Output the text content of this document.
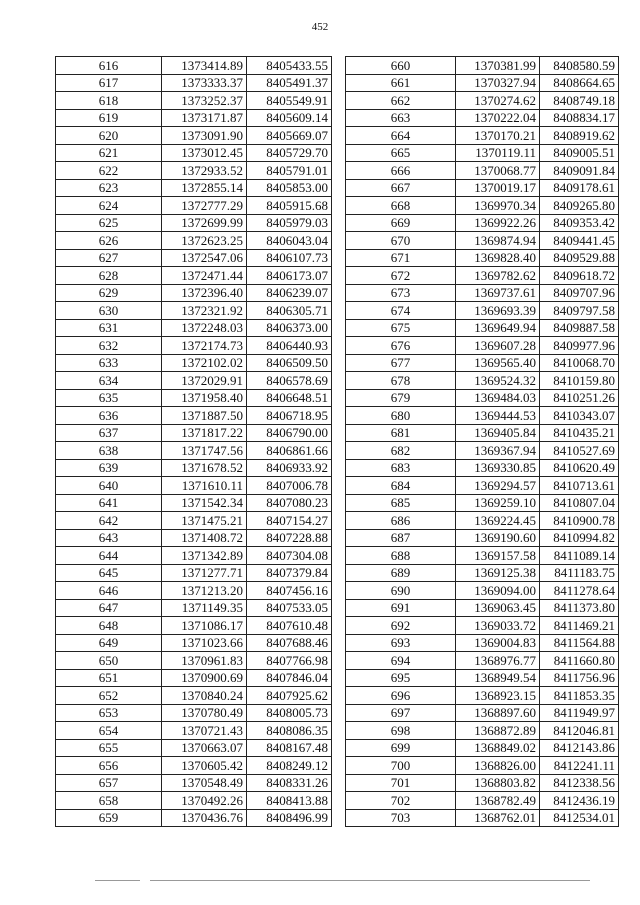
452
616	1373414.89	8405433.55
617	1373333.37	8405491.37
618	1373252.37	8405549.91
619	1373171.87	8405609.14
620	1373091.90	8405669.07
621	1373012.45	8405729.70
622	1372933.52	8405791.01
623	1372855.14	8405853.00
624	1372777.29	8405915.68
625	1372699.99	8405979.03
626	1372623.25	8406043.04
627	1372547.06	8406107.73
628	1372471.44	8406173.07
629	1372396.40	8406239.07
630	1372321.92	8406305.71
631	1372248.03	8406373.00
632	1372174.73	8406440.93
633	1372102.02	8406509.50
634	1372029.91	8406578.69
635	1371958.40	8406648.51
636	1371887.50	8406718.95
637	1371817.22	8406790.00
638	1371747.56	8406861.66
639	1371678.52	8406933.92
640	1371610.11	8407006.78
641	1371542.34	8407080.23
642	1371475.21	8407154.27
643	1371408.72	8407228.88
644	1371342.89	8407304.08
645	1371277.71	8407379.84
646	1371213.20	8407456.16
647	1371149.35	8407533.05
648	1371086.17	8407610.48
649	1371023.66	8407688.46
650	1370961.83	8407766.98
651	1370900.69	8407846.04
652	1370840.24	8407925.62
653	1370780.49	8408005.73
654	1370721.43	8408086.35
655	1370663.07	8408167.48
656	1370605.42	8408249.12
657	1370548.49	8408331.26
658	1370492.26	8408413.88
659	1370436.76	8408496.99
660	1370381.99	8408580.59
661	1370327.94	8408664.65
662	1370274.62	8408749.18
663	1370222.04	8408834.17
664	1370170.21	8408919.62
665	1370119.11	8409005.51
666	1370068.77	8409091.84
667	1370019.17	8409178.61
668	1369970.34	8409265.80
669	1369922.26	8409353.42
670	1369874.94	8409441.45
671	1369828.40	8409529.88
672	1369782.62	8409618.72
673	1369737.61	8409707.96
674	1369693.39	8409797.58
675	1369649.94	8409887.58
676	1369607.28	8409977.96
677	1369565.40	8410068.70
678	1369524.32	8410159.80
679	1369484.03	8410251.26
680	1369444.53	8410343.07
681	1369405.84	8410435.21
682	1369367.94	8410527.69
683	1369330.85	8410620.49
684	1369294.57	8410713.61
685	1369259.10	8410807.04
686	1369224.45	8410900.78
687	1369190.60	8410994.82
688	1369157.58	8411089.14
689	1369125.38	8411183.75
690	1369094.00	8411278.64
691	1369063.45	8411373.80
692	1369033.72	8411469.21
693	1369004.83	8411564.88
694	1368976.77	8411660.80
695	1368949.54	8411756.96
696	1368923.15	8411853.35
697	1368897.60	8411949.97
698	1368872.89	8412046.81
699	1368849.02	8412143.86
700	1368826.00	8412241.11
701	1368803.82	8412338.56
702	1368782.49	8412436.19
703	1368762.01	8412534.01
